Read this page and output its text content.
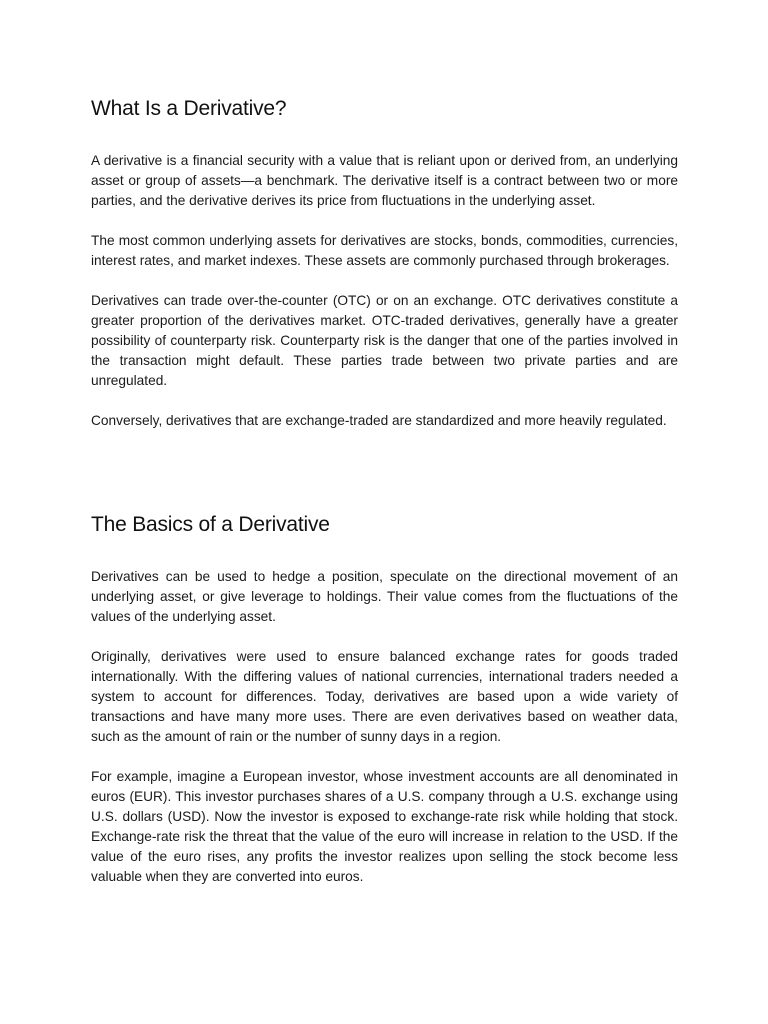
What Is a Derivative?

A derivative is a financial security with a value that is reliant upon or derived from, an underlying asset or group of assets—a benchmark. The derivative itself is a contract between two or more parties, and the derivative derives its price from fluctuations in the underlying asset.

The most common underlying assets for derivatives are stocks, bonds, commodities, currencies, interest rates, and market indexes. These assets are commonly purchased through brokerages.

Derivatives can trade over-the-counter (OTC) or on an exchange. OTC derivatives constitute a greater proportion of the derivatives market. OTC-traded derivatives, generally have a greater possibility of counterparty risk. Counterparty risk is the danger that one of the parties involved in the transaction might default. These parties trade between two private parties and are unregulated.

Conversely, derivatives that are exchange-traded are standardized and more heavily regulated.

The Basics of a Derivative

Derivatives can be used to hedge a position, speculate on the directional movement of an underlying asset, or give leverage to holdings. Their value comes from the fluctuations of the values of the underlying asset.

Originally, derivatives were used to ensure balanced exchange rates for goods traded internationally. With the differing values of national currencies, international traders needed a system to account for differences. Today, derivatives are based upon a wide variety of transactions and have many more uses. There are even derivatives based on weather data, such as the amount of rain or the number of sunny days in a region.

For example, imagine a European investor, whose investment accounts are all denominated in euros (EUR). This investor purchases shares of a U.S. company through a U.S. exchange using U.S. dollars (USD). Now the investor is exposed to exchange-rate risk while holding that stock. Exchange-rate risk the threat that the value of the euro will increase in relation to the USD. If the value of the euro rises, any profits the investor realizes upon selling the stock become less valuable when they are converted into euros.
